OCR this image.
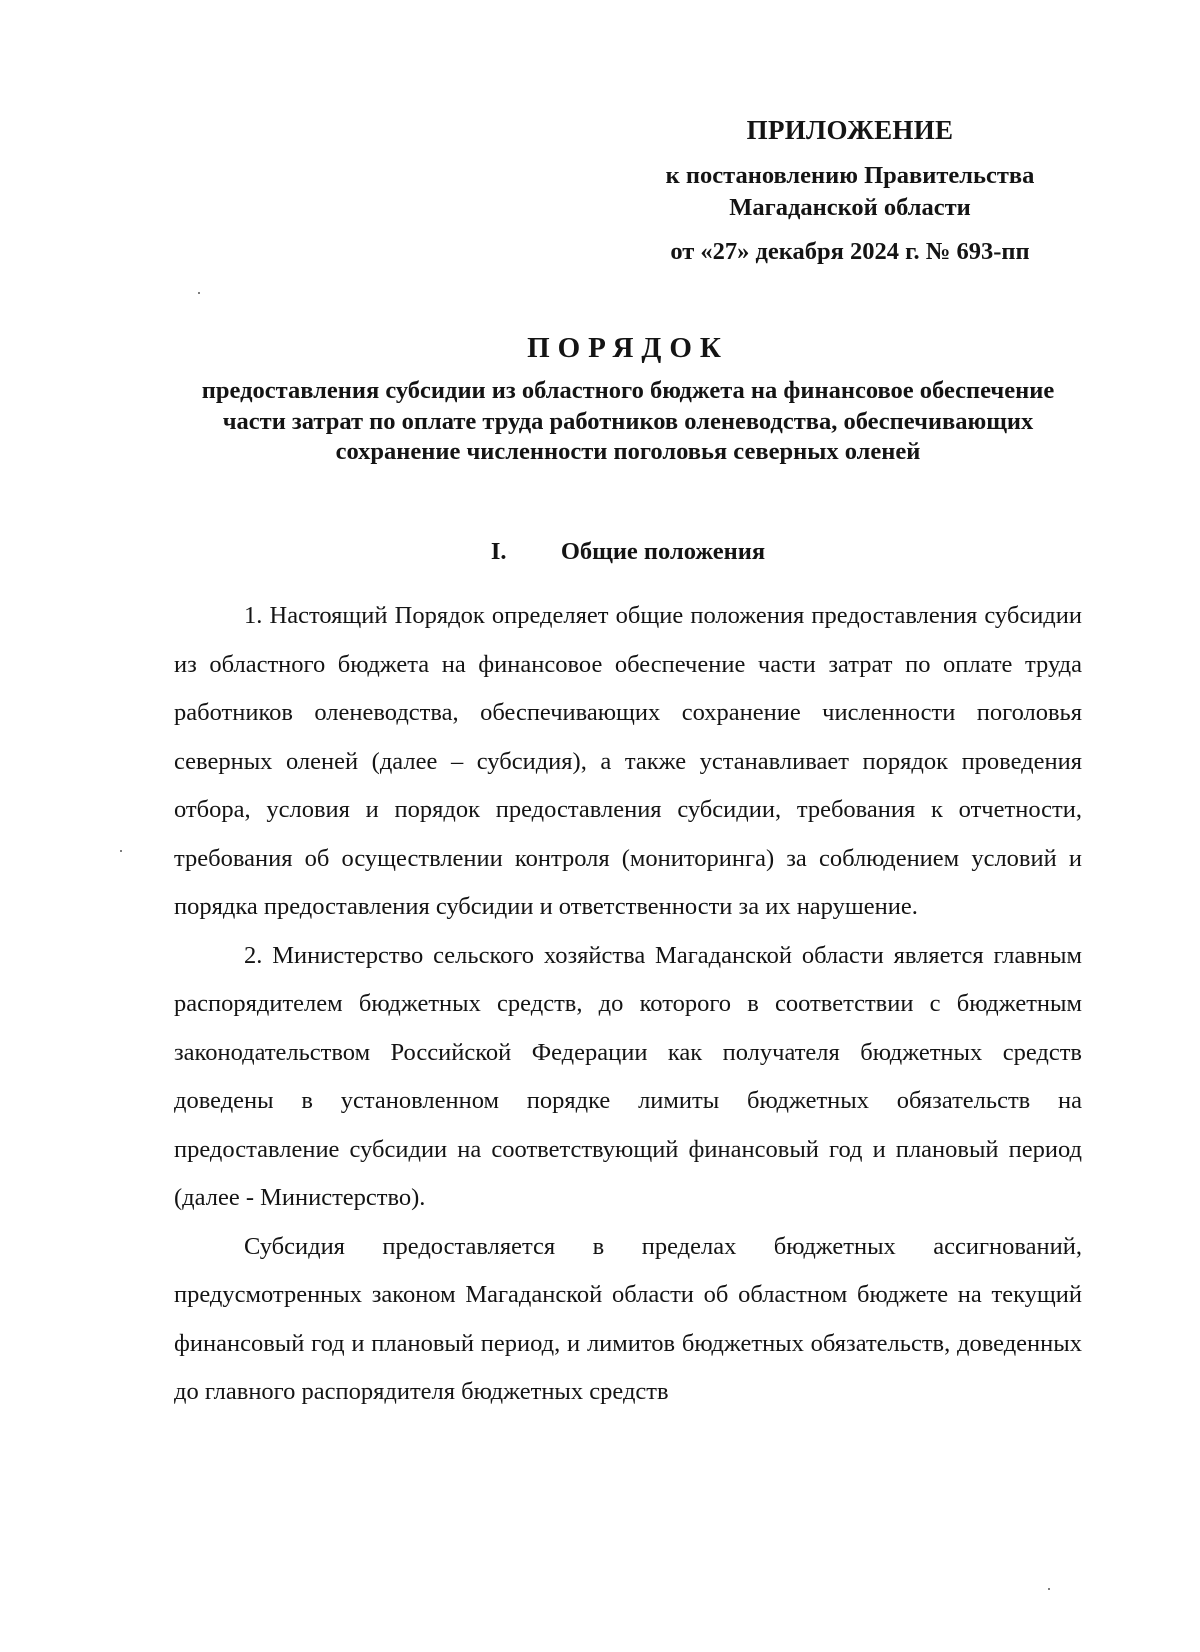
ПРИЛОЖЕНИЕ
к постановлению Правительства
Магаданской области
от «27» декабря 2024 г. № 693-пп
ПОРЯДОК
предоставления субсидии из областного бюджета на финансовое обеспечение части затрат по оплате труда работников оленеводства, обеспечивающих сохранение численности поголовья северных оленей
I. Общие положения

1. Настоящий Порядок определяет общие положения предоставления субсидии из областного бюджета на финансовое обеспечение части затрат по оплате труда работников оленеводства, обеспечивающих сохранение численности поголовья северных оленей (далее – субсидия), а также устанавливает порядок проведения отбора, условия и порядок предоставления субсидии, требования к отчетности, требования об осуществлении контроля (мониторинга) за соблюдением условий и порядка предоставления субсидии и ответственности за их нарушение.

2. Министерство сельского хозяйства Магаданской области является главным распорядителем бюджетных средств, до которого в соответствии с бюджетным законодательством Российской Федерации как получателя бюджетных средств доведены в установленном порядке лимиты бюджетных обязательств на предоставление субсидии на соответствующий финансовый год и плановый период (далее - Министерство).

Субсидия предоставляется в пределах бюджетных ассигнований, предусмотренных законом Магаданской области об областном бюджете на текущий финансовый год и плановый период, и лимитов бюджетных обязательств, доведенных до главного распорядителя бюджетных средств
